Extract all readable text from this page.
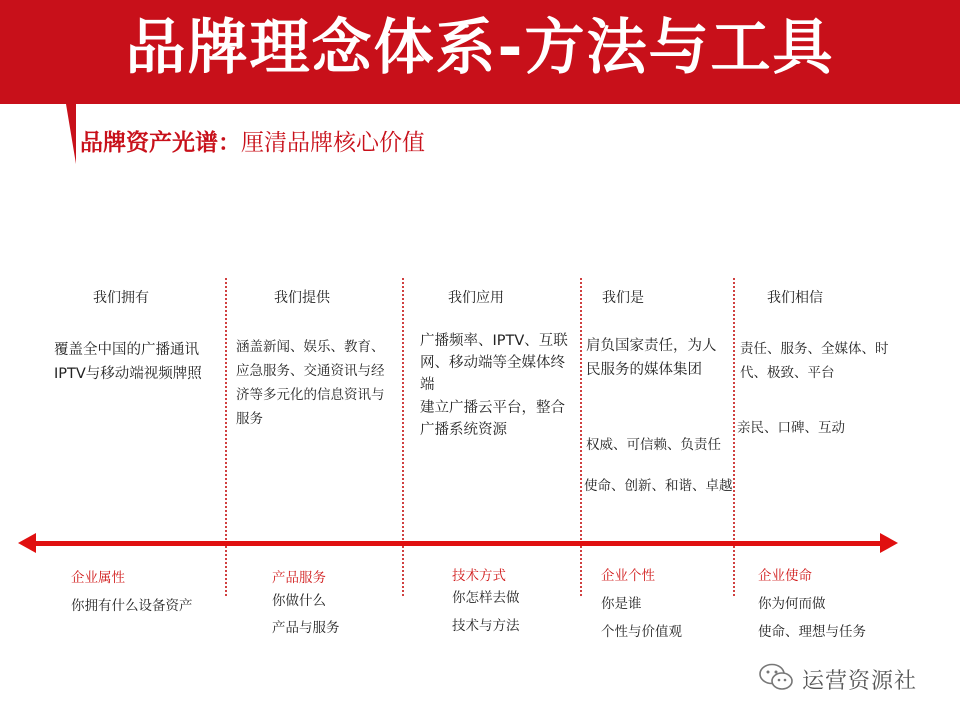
品牌理念体系-方法与工具
品牌资产光谱：厘清品牌核心价值
我们拥有
覆盖全中国的广播通讯
IPTV与移动端视频牌照
我们提供
涵盖新闻、娱乐、教育、
应急服务、交通资讯与经
济等多元化的信息资讯与
服务
我们应用
广播频率、IPTV、互联
网、移动端等全媒体终
端
建立广播云平台，整合
广播系统资源
我们是
肩负国家责任，为人
民服务的媒体集团
权威、可信赖、负责任
使命、创新、和谐、卓越
我们相信
责任、服务、全媒体、时
代、极致、平台
亲民、口碑、互动
企业属性
你拥有什么设备资产
产品服务
你做什么
产品与服务
技术方式
你怎样去做
技术与方法
企业个性
你是谁
个性与价值观
企业使命
你为何而做
使命、理想与任务
运营资源社
